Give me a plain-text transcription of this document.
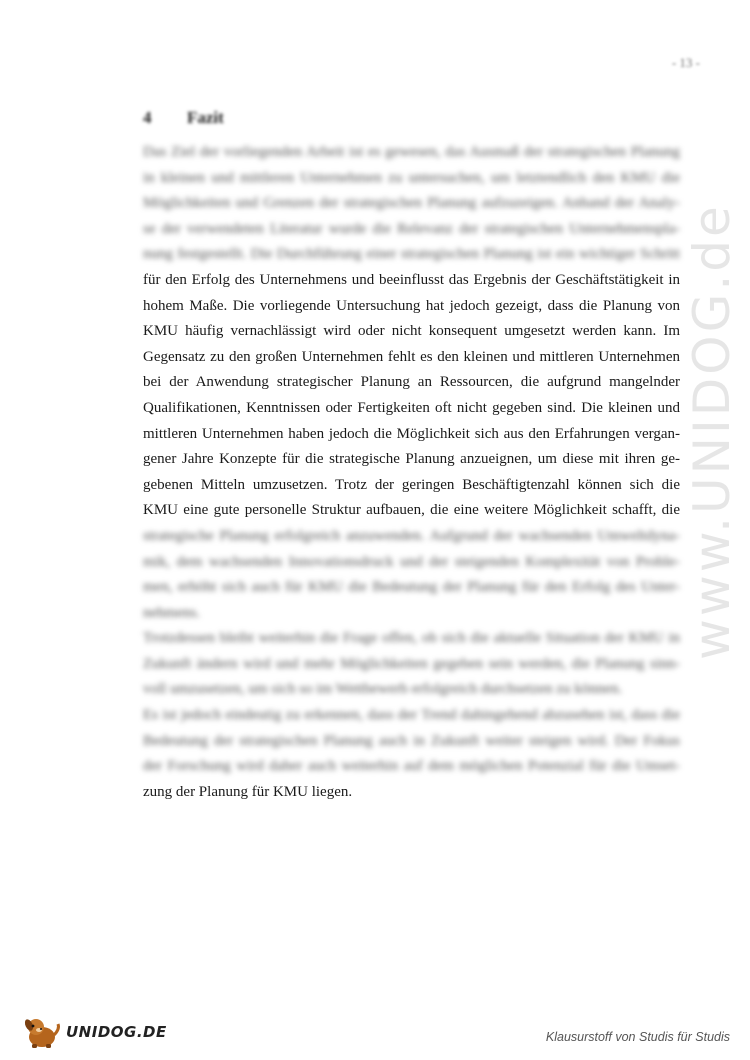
- 13 -
4 Fazit
Das Ziel der vorliegenden Arbeit ist es gewesen, das Ausmaß der strategischen Planung
in kleinen und mittleren Unternehmen zu untersuchen, um letztendlich den KMU die
Möglichkeiten und Grenzen der strategischen Planung aufzuzeigen. Anhand der Analy-
se der verwendeten Literatur wurde die Relevanz der strategischen Unternehmenspla-
nung festgestellt. Die Durchführung einer strategischen Planung ist ein wichtiger Schritt
für den Erfolg des Unternehmens und beeinflusst das Ergebnis der Geschäftstätigkeit in
hohem Maße. Die vorliegende Untersuchung hat jedoch gezeigt, dass die Planung von
KMU häufig vernachlässigt wird oder nicht konsequent umgesetzt werden kann. Im
Gegensatz zu den großen Unternehmen fehlt es den kleinen und mittleren Unternehmen
bei der Anwendung strategischer Planung an Ressourcen, die aufgrund mangelnder
Qualifikationen, Kenntnissen oder Fertigkeiten oft nicht gegeben sind. Die kleinen und
mittleren Unternehmen haben jedoch die Möglichkeit sich aus den Erfahrungen vergan-
gener Jahre Konzepte für die strategische Planung anzueignen, um diese mit ihren ge-
gebenen Mitteln umzusetzen. Trotz der geringen Beschäftigtenzahl können sich die
KMU eine gute personelle Struktur aufbauen, die eine weitere Möglichkeit schafft, die
strategische Planung erfolgreich anzuwenden. Aufgrund der wachsenden Umweltdyna-
mik, dem wachsenden Innovationsdruck und der steigenden Komplexität von Proble-
men, erhöht sich auch für KMU die Bedeutung der Planung für den Erfolg des Unter-
nehmens.
Trotzdessen bleibt weiterhin die Frage offen, ob sich die aktuelle Situation der KMU in
Zukunft ändern wird und mehr Möglichkeiten gegeben sein werden, die Planung sinn-
voll umzusetzen, um sich so im Wettbewerb erfolgreich durchsetzen zu können.
Es ist jedoch eindeutig zu erkennen, dass der Trend dahingehend abzusehen ist, dass die
Bedeutung der strategischen Planung auch in Zukunft weiter steigen wird. Der Fokus
der Forschung wird daher auch weiterhin auf dem möglichen Potenzial für die Umset-
zung der Planung für KMU liegen.
www.UNIDOG.de
UNIDOG.DE	Klausurstoff von Studis für Studis
